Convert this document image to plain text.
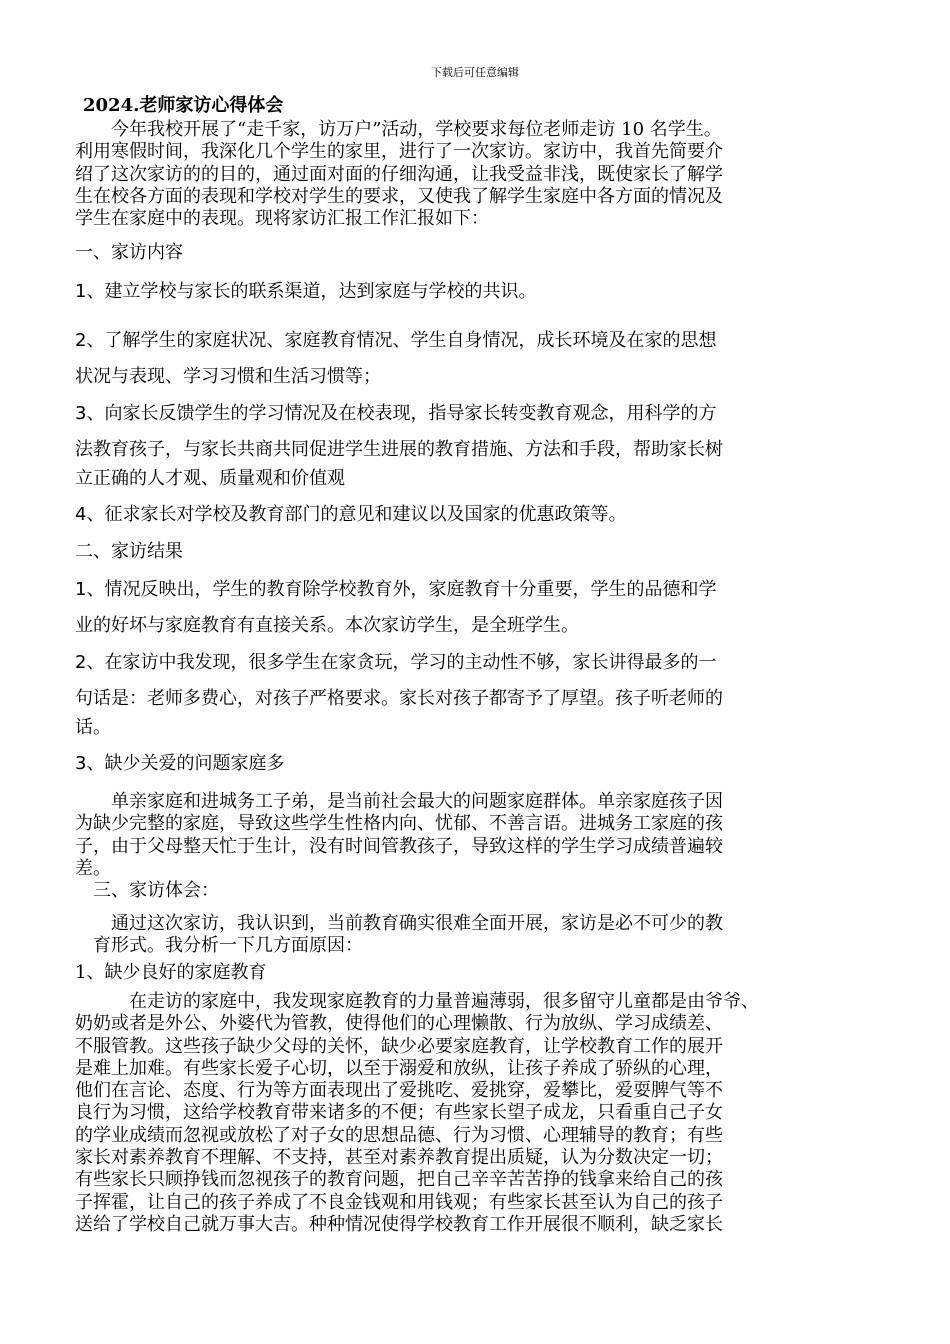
下载后可任意编辑
2024.老师家访心得体会
　　今年我校开展了“走千家，访万户”活动，学校要求每位老师走访 10 名学生。
利用寒假时间，我深化几个学生的家里，进行了一次家访。家访中，我首先简要介
绍了这次家访的的目的，通过面对面的仔细沟通，让我受益非浅，既使家长了解学
生在校各方面的表现和学校对学生的要求，又使我了解学生家庭中各方面的情况及
学生在家庭中的表现。现将家访汇报工作汇报如下：
一、家访内容
1、建立学校与家长的联系渠道，达到家庭与学校的共识。
2、了解学生的家庭状况、家庭教育情况、学生自身情况，成长环境及在家的思想
状况与表现、学习习惯和生活习惯等；
3、向家长反馈学生的学习情况及在校表现，指导家长转变教育观念，用科学的方
法教育孩子，与家长共商共同促进学生进展的教育措施、方法和手段，帮助家长树
立正确的人才观、质量观和价值观
4、征求家长对学校及教育部门的意见和建议以及国家的优惠政策等。
二、家访结果
1、情况反映出，学生的教育除学校教育外，家庭教育十分重要，学生的品德和学
业的好坏与家庭教育有直接关系。本次家访学生，是全班学生。
2、在家访中我发现，很多学生在家贪玩，学习的主动性不够，家长讲得最多的一
句话是：老师多费心，对孩子严格要求。家长对孩子都寄予了厚望。孩子听老师的
话。
3、缺少关爱的问题家庭多
　　单亲家庭和进城务工子弟，是当前社会最大的问题家庭群体。单亲家庭孩子因
为缺少完整的家庭，导致这些学生性格内向、忧郁、不善言语。进城务工家庭的孩
子，由于父母整天忙于生计，没有时间管教孩子，导致这样的学生学习成绩普遍较
差。
　三、家访体会：
　　通过这次家访，我认识到，当前教育确实很难全面开展，家访是必不可少的教
　育形式。我分析一下几方面原因：
1、缺少良好的家庭教育
　　　在走访的家庭中，我发现家庭教育的力量普遍薄弱，很多留守儿童都是由爷爷、
奶奶或者是外公、外婆代为管教，使得他们的心理懒散、行为放纵、学习成绩差、
不服管教。这些孩子缺少父母的关怀，缺少必要家庭教育，让学校教育工作的展开
是难上加难。有些家长爱子心切，以至于溺爱和放纵，让孩子养成了骄纵的心理，
他们在言论、态度、行为等方面表现出了爱挑吃、爱挑穿，爱攀比，爱耍脾气等不
良行为习惯，这给学校教育带来诸多的不便；有些家长望子成龙，只看重自己子女
的学业成绩而忽视或放松了对子女的思想品德、行为习惯、心理辅导的教育；有些
家长对素养教育不理解、不支持，甚至对素养教育提出质疑，认为分数决定一切；
有些家长只顾挣钱而忽视孩子的教育问题，把自己辛辛苦苦挣的钱拿来给自己的孩
子挥霍，让自己的孩子养成了不良金钱观和用钱观；有些家长甚至认为自己的孩子
送给了学校自己就万事大吉。种种情况使得学校教育工作开展很不顺利，缺乏家长
